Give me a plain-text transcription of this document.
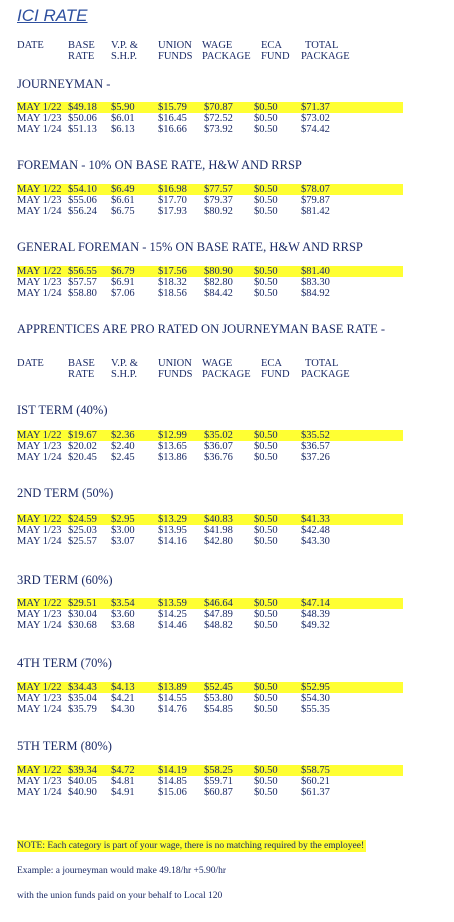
ICI RATE
DATE BASE V.P. & UNION WAGE	ECA TOTAL
RATE S.H.P. FUNDS PACKAGE FUND PACKAGE
JOURNEYMAN -
MAY 1/22 $49.18 $5.90 $15.79 $70.87 $0.50 $71.37
MAY 1/23 $50.06 $6.01 $16.45 $72.52 $0.50 $73.02
MAY 1/24 $51.13 $6.13 $16.66 $73.92 $0.50 $74.42
FOREMAN - 10% ON BASE RATE, H&W AND RRSP
MAY 1/22 $54.10 $6.49 $16.98 $77.57 $0.50 $78.07
MAY 1/23 $55.06 $6.61 $17.70 $79.37 $0.50 $79.87
MAY 1/24 $56.24 $6.75 $17.93 $80.92 $0.50 $81.42
GENERAL FOREMAN - 15% ON BASE RATE, H&W AND RRSP
MAY 1/22 $56.55 $6.79 $17.56 $80.90 $0.50 $81.40
MAY 1/23 $57.57 $6.91 $18.32 $82.80 $0.50 $83.30
MAY 1/24 $58.80 $7.06 $18.56 $84.42 $0.50 $84.92
APPRENTICES ARE PRO RATED ON JOURNEYMAN BASE RATE -
DATE BASE V.P. & UNION WAGE	ECA TOTAL
RATE S.H.P. FUNDS PACKAGE FUND PACKAGE
IST TERM (40%)
MAY 1/22 $19.67 $2.36 $12.99 $35.02 $0.50 $35.52
MAY 1/23 $20.02 $2.40 $13.65 $36.07 $0.50 $36.57
MAY 1/24 $20.45 $2.45 $13.86 $36.76 $0.50 $37.26
2ND TERM (50%)
MAY 1/22 $24.59 $2.95 $13.29 $40.83 $0.50 $41.33
MAY 1/23 $25.03 $3.00 $13.95 $41.98 $0.50 $42.48
MAY 1/24 $25.57 $3.07 $14.16 $42.80 $0.50 $43.30
3RD TERM (60%)
MAY 1/22 $29.51 $3.54 $13.59 $46.64 $0.50 $47.14
MAY 1/23 $30.04 $3.60 $14.25 $47.89 $0.50 $48.39
MAY 1/24 $30.68 $3.68 $14.46 $48.82 $0.50 $49.32
4TH TERM (70%)
MAY 1/22 $34.43 $4.13 $13.89 $52.45 $0.50 $52.95
MAY 1/23 $35.04 $4.21 $14.55 $53.80 $0.50 $54.30
MAY 1/24 $35.79 $4.30 $14.76 $54.85 $0.50 $55.35
5TH TERM (80%)
MAY 1/22 $39.34 $4.72 $14.19 $58.25 $0.50 $58.75
MAY 1/23 $40.05 $4.81 $14.85 $59.71 $0.50 $60.21
MAY 1/24 $40.90 $4.91 $15.06 $60.87 $0.50 $61.37
NOTE: Each category is part of your wage, there is no matching required by the employee!
Example: a journeyman would make 49.18/hr +5.90/hr
with the union funds paid on your behalf to Local 120
